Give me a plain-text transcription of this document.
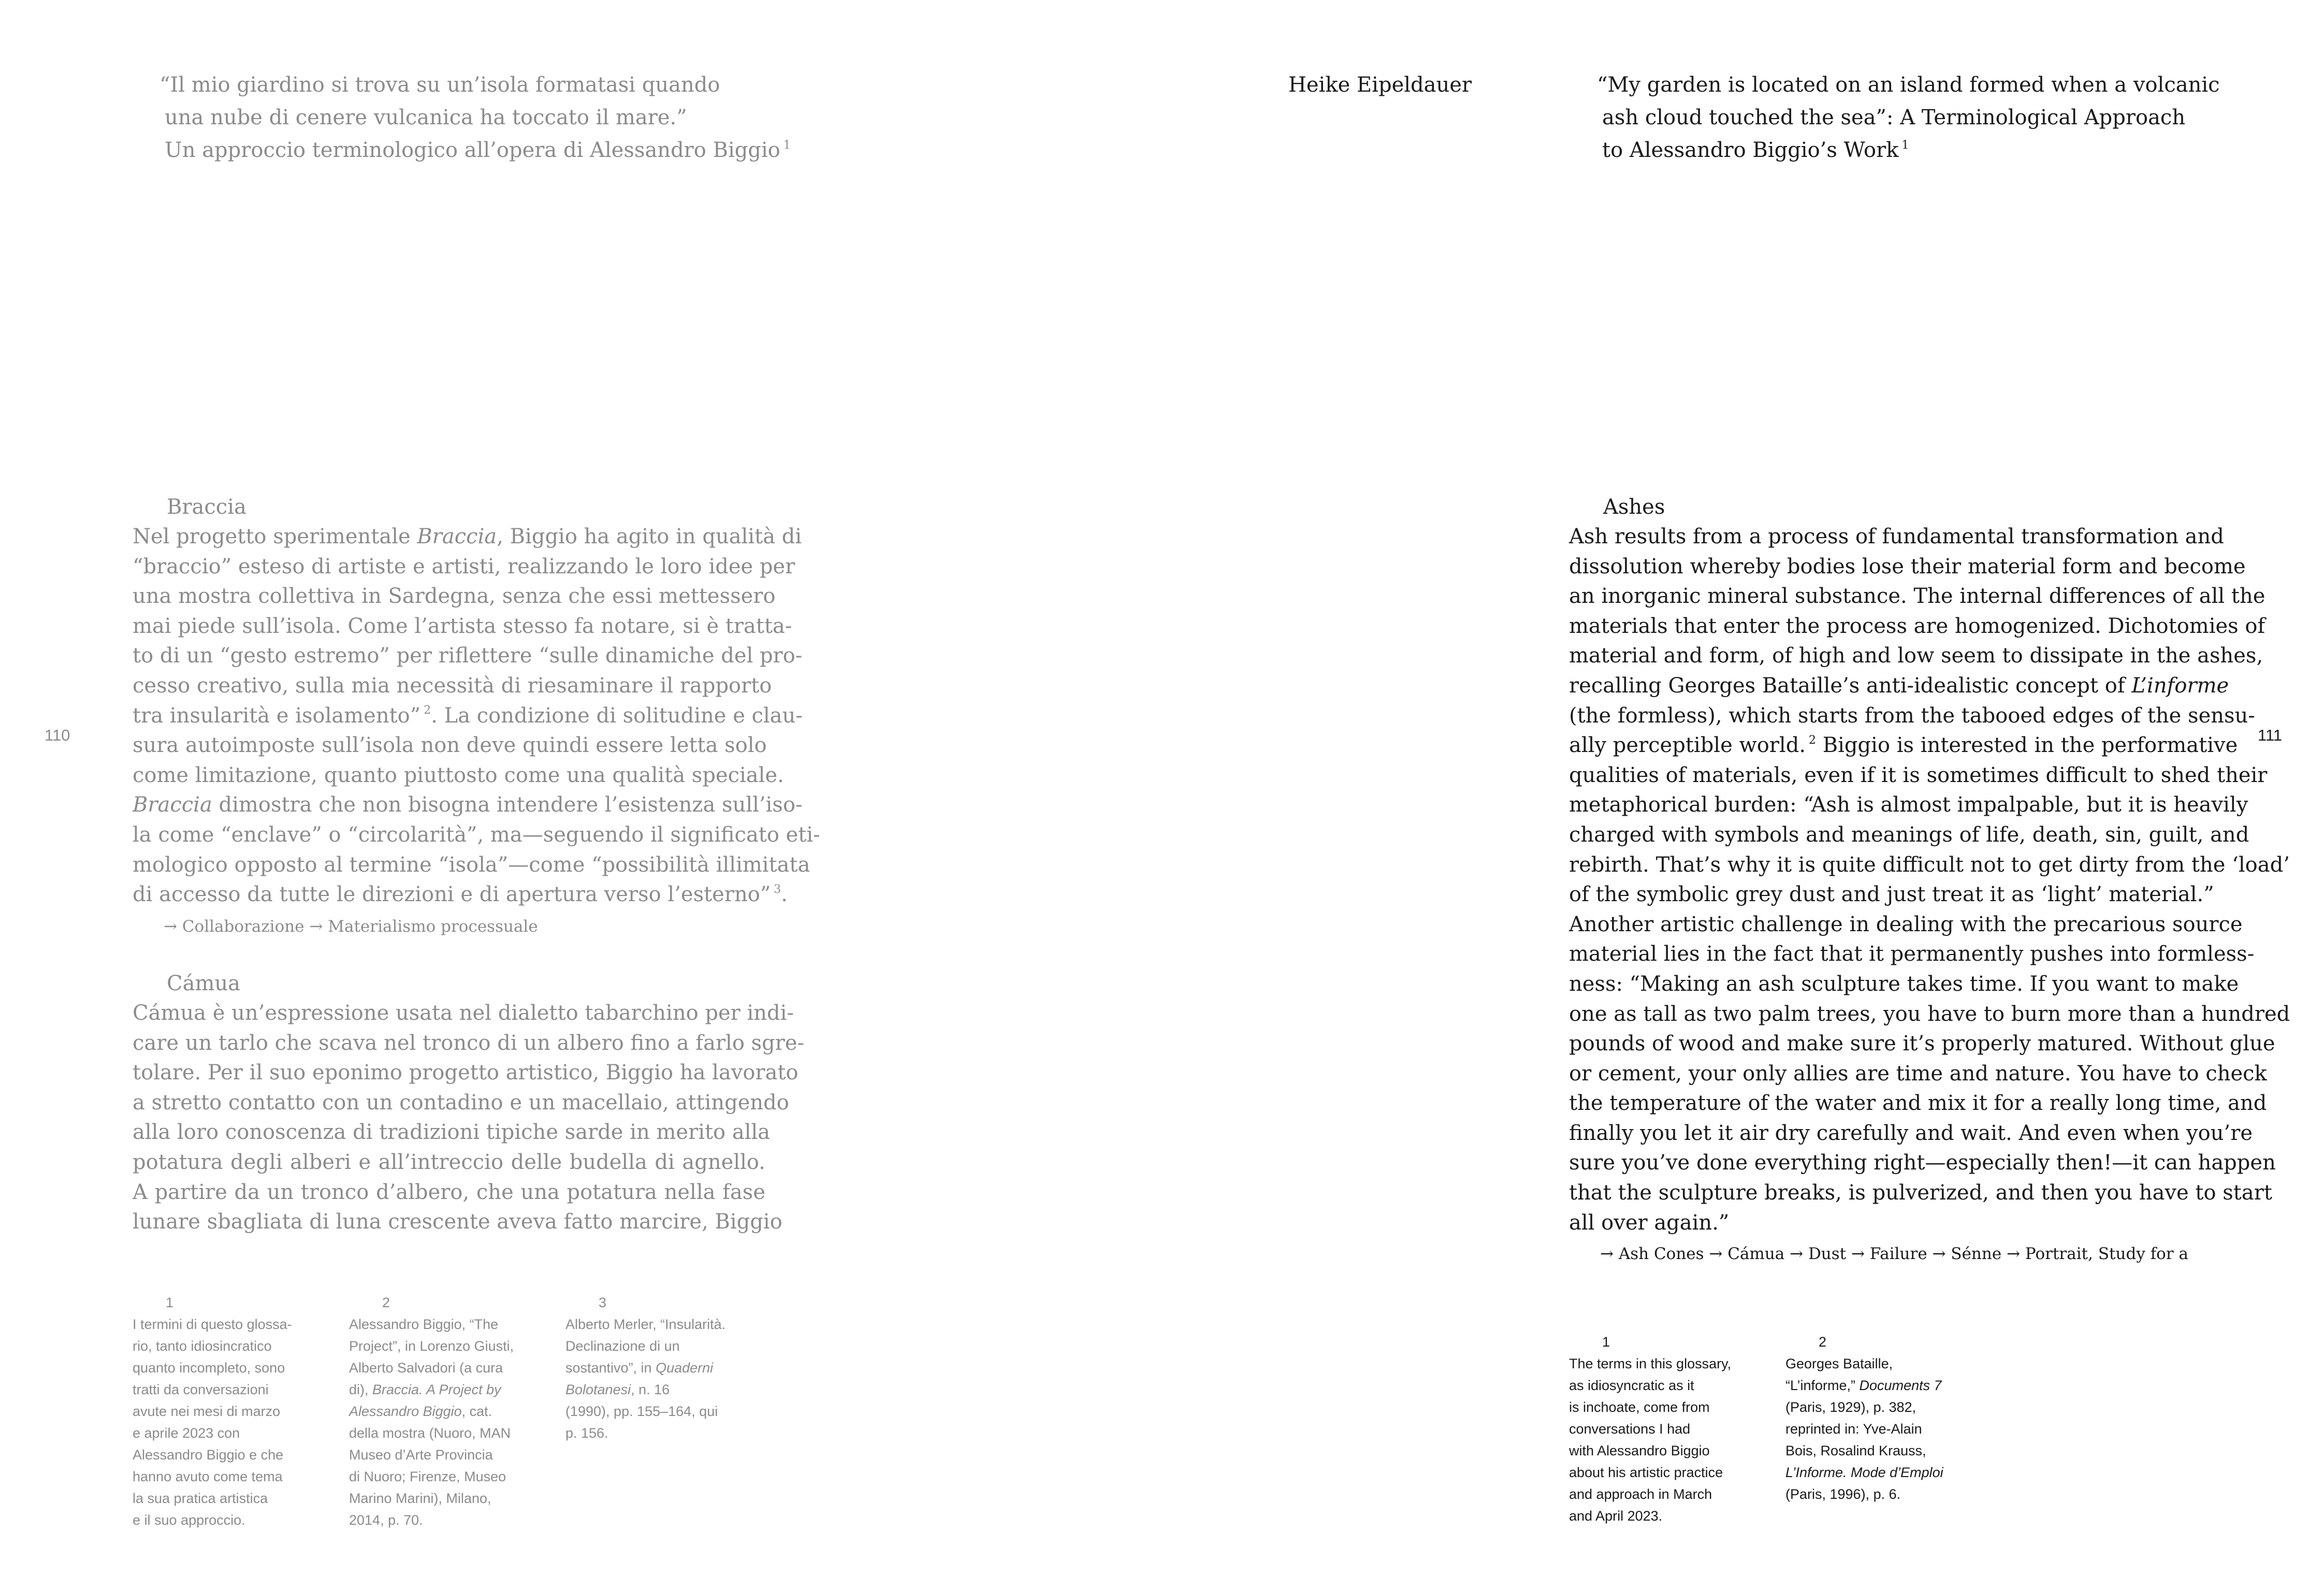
“Il mio giardino si trova su un’isola formatasi quando
una nube di cenere vulcanica ha toccato il mare.”
Un approccio terminologico all’opera di Alessandro Biggio $^1$
110
Braccia
Nel progetto sperimentale Braccia, Biggio ha agito in qualità di
“braccio” esteso di artiste e artisti, realizzando le loro idee per
una mostra collettiva in Sardegna, senza che essi mettessero
mai piede sull’isola. Come l’artista stesso fa notare, si è tratta-
to di un “gesto estremo” per riflettere “sulle dinamiche del pro-
cesso creativo, sulla mia necessità di riesaminare il rapporto
tra insularità e isolamento” $^2$. La condizione di solitudine e clau-
sura autoimposte sull’isola non deve quindi essere letta solo
come limitazione, quanto piuttosto come una qualità speciale.
Braccia dimostra che non bisogna intendere l’esistenza sull’iso-
la come “enclave” o “circolarità”, ma—seguendo il significato eti-
mologico opposto al termine “isola”—come “possibilità illimitata
di accesso da tutte le direzioni e di apertura verso l’esterno” $^3$.
→ Collaborazione → Materialismo processuale
Cámua
Cámua è un’espressione usata nel dialetto tabarchino per indi-
care un tarlo che scava nel tronco di un albero fino a farlo sgre-
tolare. Per il suo eponimo progetto artistico, Biggio ha lavorato
a stretto contatto con un contadino e un macellaio, attingendo
alla loro conoscenza di tradizioni tipiche sarde in merito alla
potatura degli alberi e all’intreccio delle budella di agnello.
A partire da un tronco d’albero, che una potatura nella fase
lunare sbagliata di luna crescente aveva fatto marcire, Biggio
1
I termini di questo glossa-
rio, tanto idiosincratico
quanto incompleto, sono
tratti da conversazioni
avute nei mesi di marzo
e aprile 2023 con
Alessandro Biggio e che
hanno avuto come tema
la sua pratica artistica
e il suo approccio.
2
Alessandro Biggio, “The
Project”, in Lorenzo Giusti,
Alberto Salvadori (a cura
di), Braccia. A Project by
Alessandro Biggio, cat.
della mostra (Nuoro, MAN
Museo d’Arte Provincia
di Nuoro; Firenze, Museo
Marino Marini), Milano,
2014, p. 70.
3
Alberto Merler, “Insularità.
Declinazione di un
sostantivo”, in Quaderni
Bolotanesi, n. 16
(1990), pp. 155–164, qui
p. 156.
Heike Eipeldauer	“My garden is located on an island formed when a volcanic
ash cloud touched the sea”: A Terminological Approach
to Alessandro Biggio’s Work $^1$
111
Ashes
Ash results from a process of fundamental transformation and
dissolution whereby bodies lose their material form and become
an inorganic mineral substance. The internal differences of all the
materials that enter the process are homogenized. Dichotomies of
material and form, of high and low seem to dissipate in the ashes,
recalling Georges Bataille’s anti-idealistic concept of L’informe
(the formless), which starts from the tabooed edges of the sensu-
ally perceptible world. $^2$ Biggio is interested in the performative
qualities of materials, even if it is sometimes difficult to shed their
metaphorical burden: “Ash is almost impalpable, but it is heavily
charged with symbols and meanings of life, death, sin, guilt, and
rebirth. That’s why it is quite difficult not to get dirty from the ‘load’
of the symbolic grey dust and just treat it as ‘light’ material.”
Another artistic challenge in dealing with the precarious source
material lies in the fact that it permanently pushes into formless-
ness: “Making an ash sculpture takes time. If you want to make
one as tall as two palm trees, you have to burn more than a hundred
pounds of wood and make sure it’s properly matured. Without glue
or cement, your only allies are time and nature. You have to check
the temperature of the water and mix it for a really long time, and
finally you let it air dry carefully and wait. And even when you’re
sure you’ve done everything right—especially then!—it can happen
that the sculpture breaks, is pulverized, and then you have to start
all over again.”
→ Ash Cones → Cámua → Dust → Failure → Sénne → Portrait, Study for a
1
The terms in this glossary,
as idiosyncratic as it
is inchoate, come from
conversations I had
with Alessandro Biggio
about his artistic practice
and approach in March
and April 2023.
2
Georges Bataille,
“L’informe,” Documents 7
(Paris, 1929), p. 382,
reprinted in: Yve-Alain
Bois, Rosalind Krauss,
L’Informe. Mode d’Emploi
(Paris, 1996), p. 6.
